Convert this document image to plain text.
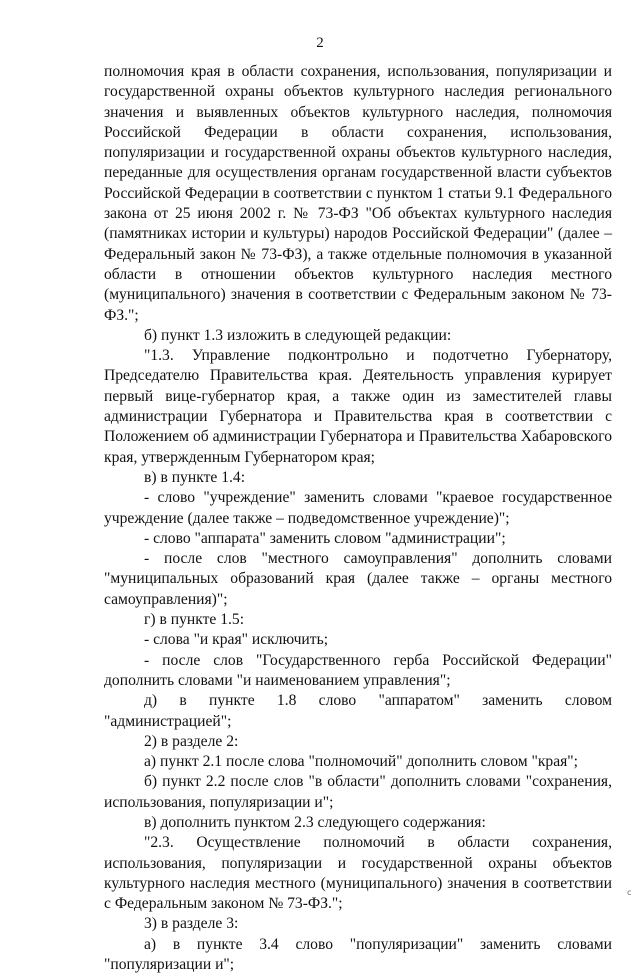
2

полномочия края в области сохранения, использования, популяризации и государственной охраны объектов культурного наследия регионального значения и выявленных объектов культурного наследия, полномочия Российской Федерации в области сохранения, использования, популяризации и государственной охраны объектов культурного наследия, переданные для осуществления органам государственной власти субъектов Российской Федерации в соответствии с пунктом 1 статьи 9.1 Федерального закона от 25 июня 2002 г. № 73-ФЗ "Об объектах культурного наследия (памятниках истории и культуры) народов Российской Федерации" (далее – Федеральный закон № 73-ФЗ), а также отдельные полномочия в указанной области в отношении объектов культурного наследия местного (муниципального) значения в соответствии с Федеральным законом № 73-ФЗ.";

б) пункт 1.3 изложить в следующей редакции:

"1.3. Управление подконтрольно и подотчетно Губернатору, Председателю Правительства края. Деятельность управления курирует первый вице-губернатор края, а также один из заместителей главы администрации Губернатора и Правительства края в соответствии с Положением об администрации Губернатора и Правительства Хабаровского края, утвержденным Губернатором края;

в) в пункте 1.4:

- слово "учреждение" заменить словами "краевое государственное учреждение (далее также – подведомственное учреждение)";

- слово "аппарата" заменить словом "администрации";

- после слов "местного самоуправления" дополнить словами "муниципальных образований края (далее также – органы местного самоуправления)";

г) в пункте 1.5:

- слова "и края" исключить;

- после слов "Государственного герба Российской Федерации" дополнить словами "и наименованием управления";

д) в пункте 1.8 слово "аппаратом" заменить словом "администрацией";

2) в разделе 2:

а) пункт 2.1 после слова "полномочий" дополнить словом "края";

б) пункт 2.2 после слов "в области" дополнить словами "сохранения, использования, популяризации и";

в) дополнить пунктом 2.3 следующего содержания:

"2.3. Осуществление полномочий в области сохранения, использования, популяризации и государственной охраны объектов культурного наследия местного (муниципального) значения в соответствии с Федеральным законом № 73-ФЗ.";

3) в разделе 3:

а) в пункте 3.4 слово "популяризации" заменить словами "популяризации и";

c
